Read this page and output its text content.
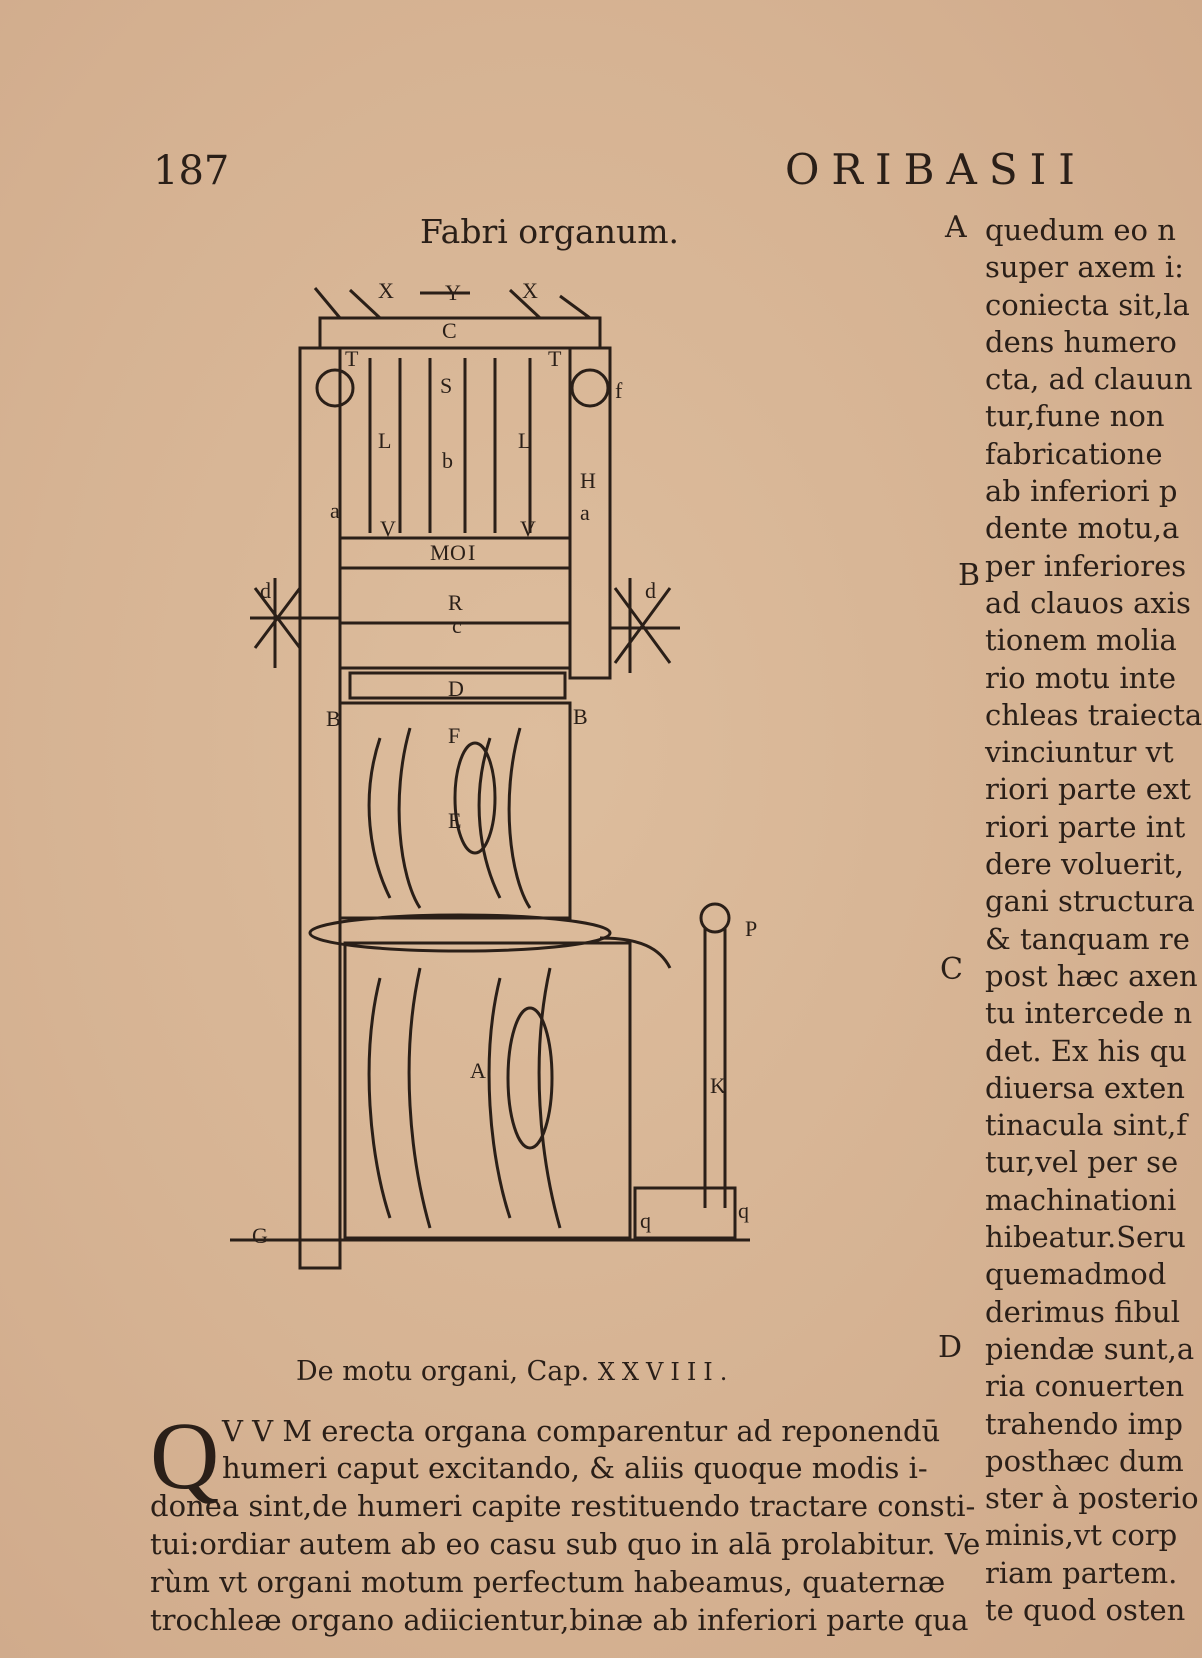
187	ORIBASII
Fabri organum.
C
S
L	L
b
f
a	a
V	V
M O I
R
c
d	d
D
B	B
F
E
P
A
K
G
Y
X	X
T	T
H
q	q
De motu organi, Cap. XXVIII.
Q V V M erecta organa comparentur ad reponendū
humeri caput excitando, & aliis quoque modis i-
donea sint,de humeri capite restituendo tractare consti-
tui:ordiar autem ab eo casu sub quo in alā prolabitur. Ve
rùm vt organi motum perfectum habeamus, quaternæ
trochleæ organo adiicientur,binæ ab inferiori parte qua
A
B
C
D
quedum eo n
super axem i:
coniecta sit,la
dens humero
cta, ad clauun
tur,fune non
fabricatione
ab inferiori p
dente motu,a
per inferiores
ad clauos axis
tionem molia
rio motu inte
chleas traiecta
vinciuntur vt
riori parte ext
riori parte int
dere voluerit,
gani structura
& tanquam re
post hæc axen
tu intercede n
det. Ex his qu
diuersa exten
tinacula sint,f
tur,vel per se
machinationi
hibeatur.Seru
quemadmod
derimus fibul
piendæ sunt,a
ria conuerten
trahendo imp
posthæc dum
ster à posterio
minis,vt corp
riam partem.
te quod osten
